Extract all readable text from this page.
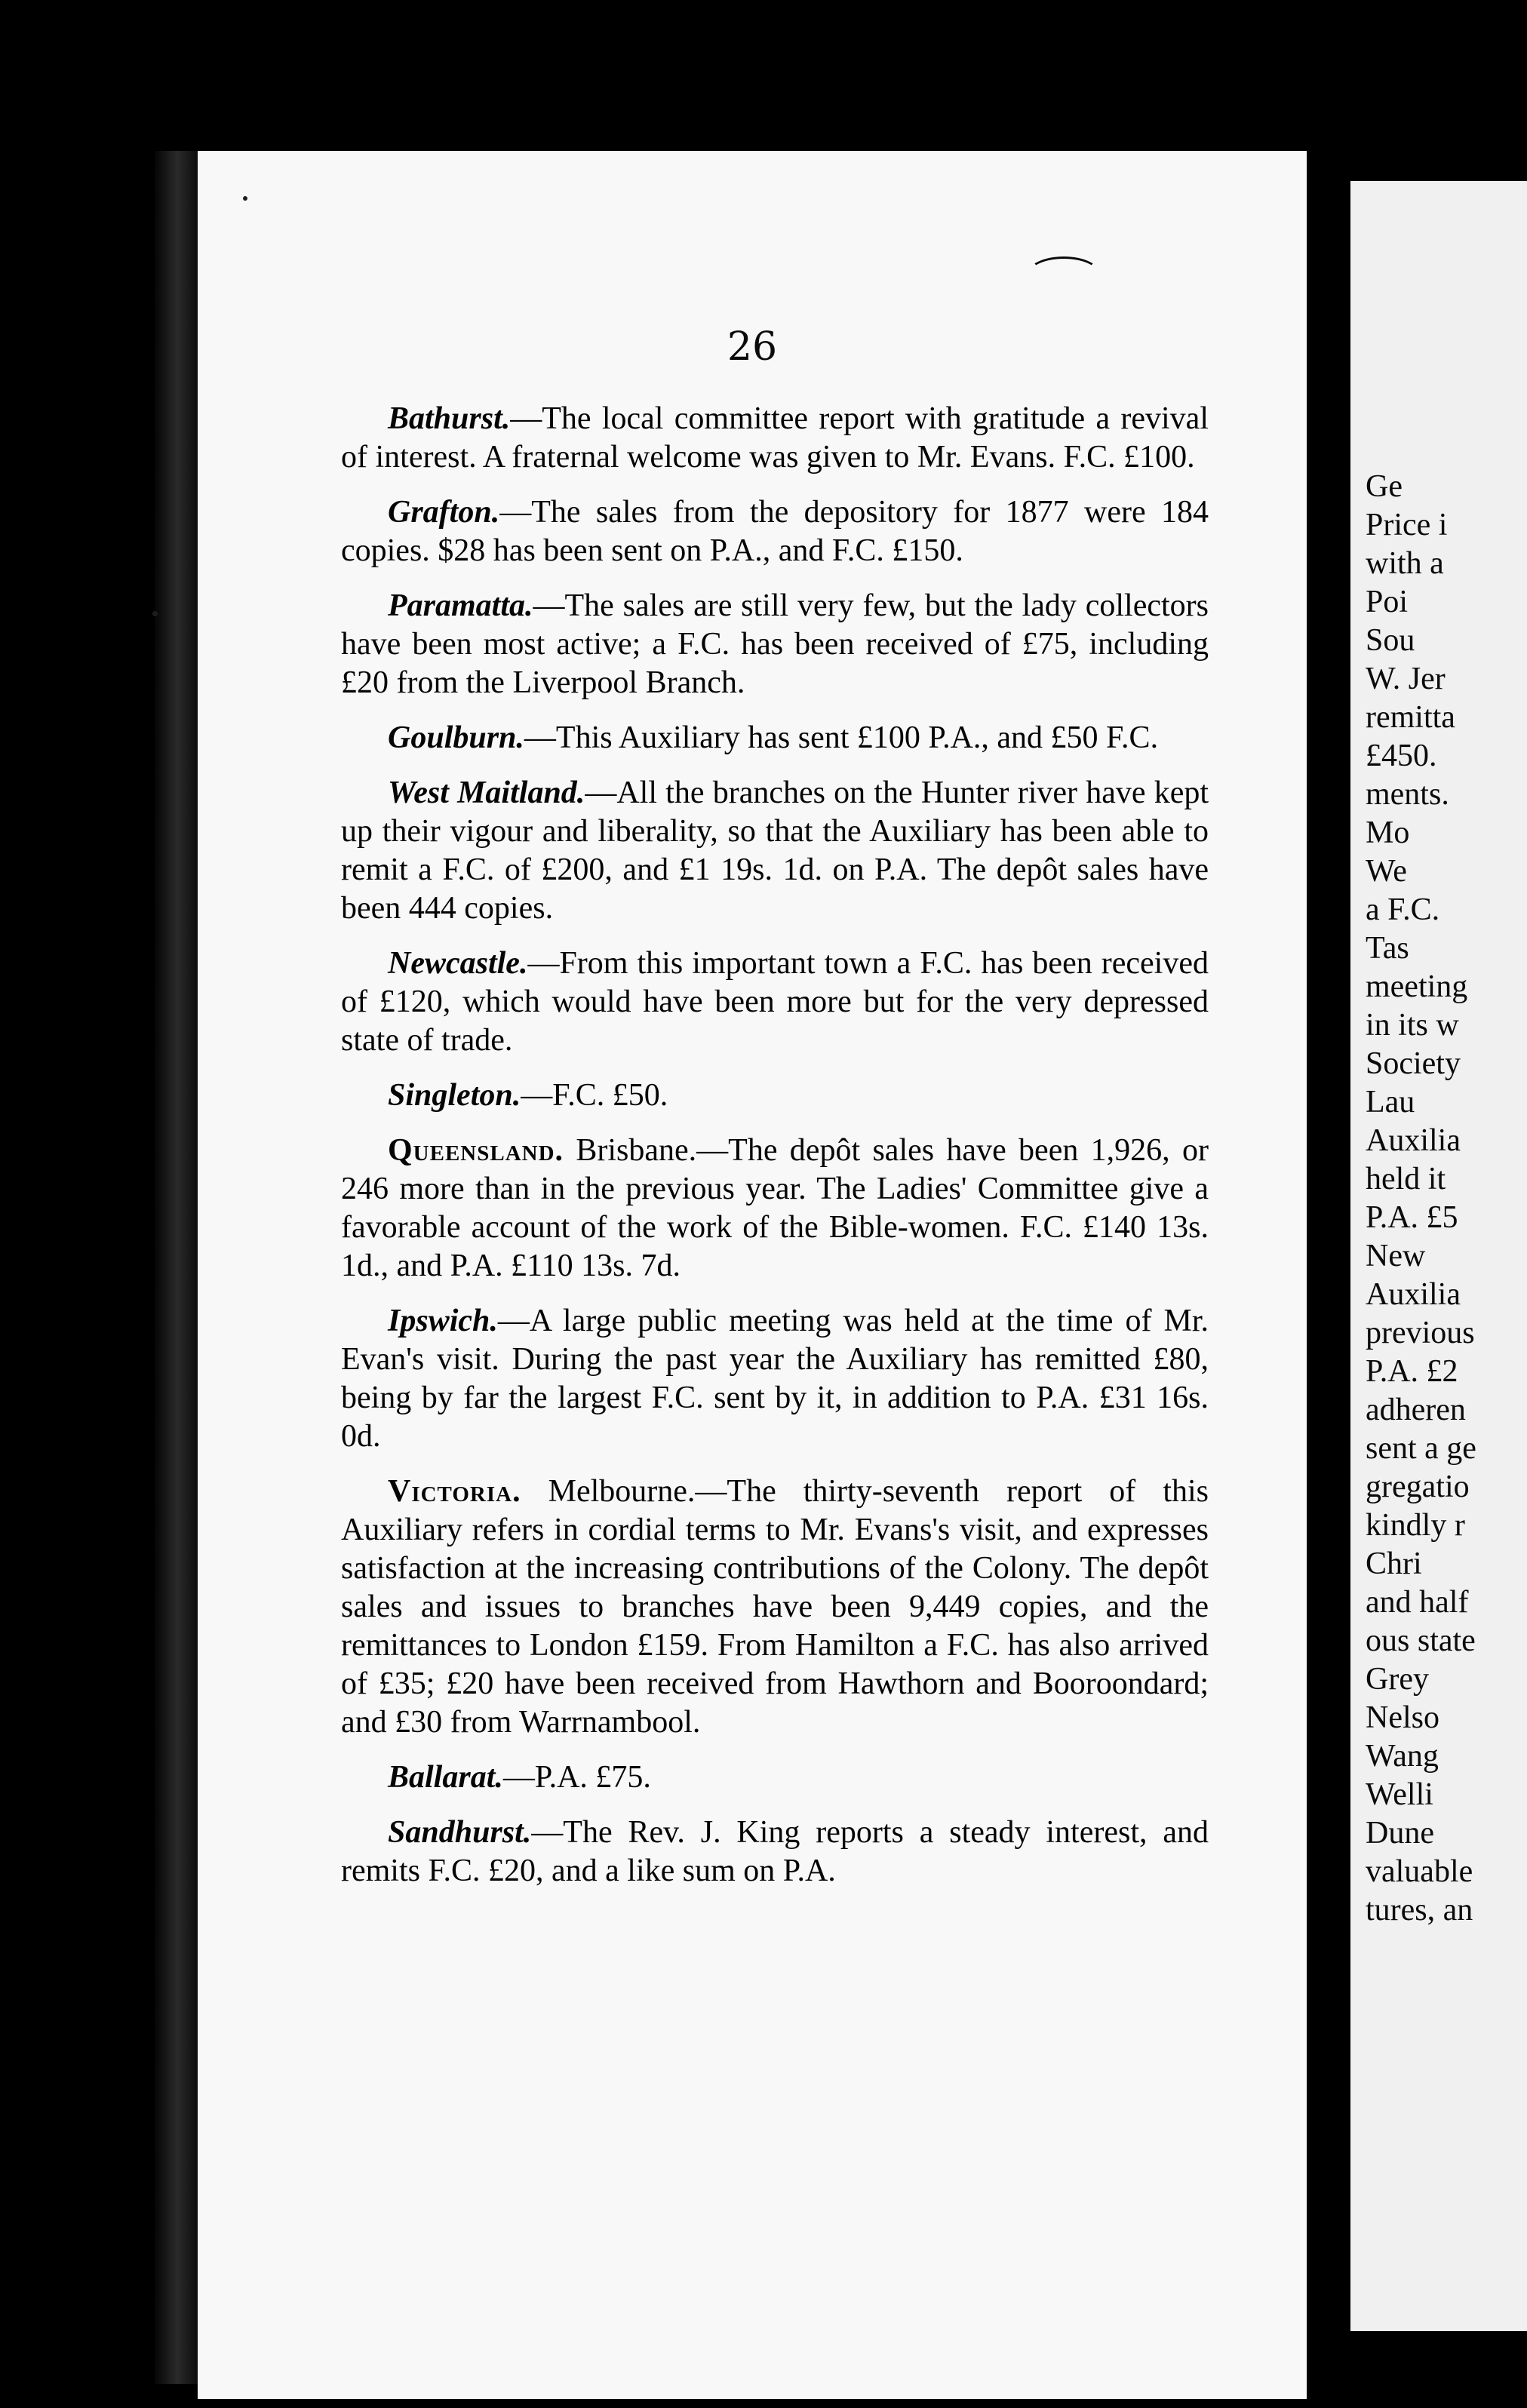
26

Bathurst.—The local committee report with gratitude a revival of interest. A fraternal welcome was given to Mr. Evans. F.C. £100.

Grafton.—The sales from the depository for 1877 were 184 copies. $28 has been sent on P.A., and F.C. £150.

Paramatta.—The sales are still very few, but the lady collectors have been most active; a F.C. has been received of £75, including £20 from the Liverpool Branch.

Goulburn.—This Auxiliary has sent £100 P.A., and £50 F.C.

West Maitland.—All the branches on the Hunter river have kept up their vigour and liberality, so that the Auxiliary has been able to remit a F.C. of £200, and £1 19s. 1d. on P.A. The depôt sales have been 444 copies.

Newcastle.—From this important town a F.C. has been received of £120, which would have been more but for the very depressed state of trade.

Singleton.—F.C. £50.

Queensland. Brisbane.—The depôt sales have been 1,926, or 246 more than in the previous year. The Ladies' Committee give a favorable account of the work of the Bible-women. F.C. £140 13s. 1d., and P.A. £110 13s. 7d.

Ipswich.—A large public meeting was held at the time of Mr. Evan's visit. During the past year the Auxiliary has remitted £80, being by far the largest F.C. sent by it, in addition to P.A. £31 16s. 0d.

Victoria. Melbourne.—The thirty-seventh report of this Auxiliary refers in cordial terms to Mr. Evans's visit, and expresses satisfaction at the increasing contributions of the Colony. The depôt sales and issues to branches have been 9,449 copies, and the remittances to London £159. From Hamilton a F.C. has also arrived of £35; £20 have been received from Hawthorn and Booroondard; and £30 from Warrnambool.

Ballarat.—P.A. £75.

Sandhurst.—The Rev. J. King reports a steady interest, and remits F.C. £20, and a like sum on P.A.

Ge
Price i
with a
Poi
Sou
W. Jer
remitta
£450.
ments.
Mo
We
a F.C.
Tas
meeting
in its w
Society
Lau
Auxilia
held it
P.A. £5
New
Auxilia
previous
P.A. £2
adheren
sent a ge
gregatio
kindly r
Chri
and half
ous state
Grey
Nelso
Wang
Welli
Dune
valuable
tures, an
